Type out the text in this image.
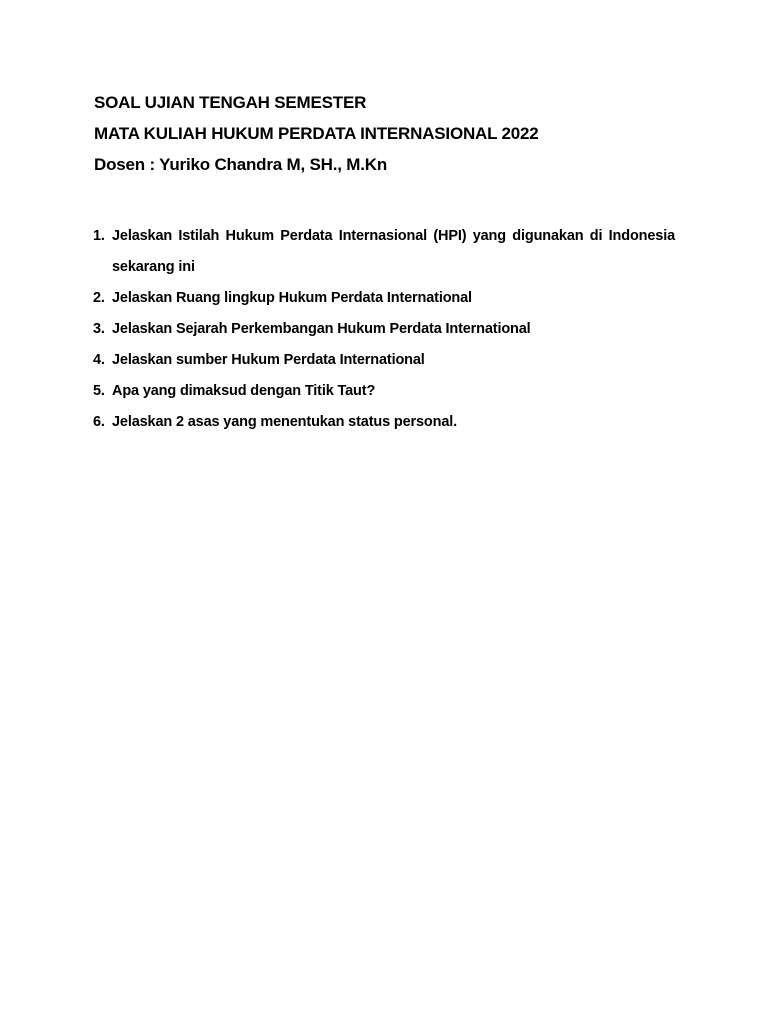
SOAL UJIAN TENGAH SEMESTER
MATA KULIAH HUKUM PERDATA INTERNASIONAL 2022
Dosen : Yuriko Chandra M, SH., M.Kn
1. Jelaskan Istilah Hukum Perdata Internasional (HPI) yang digunakan di Indonesia sekarang ini
2. Jelaskan Ruang lingkup Hukum Perdata International
3. Jelaskan Sejarah Perkembangan Hukum Perdata International
4. Jelaskan sumber Hukum Perdata International
5. Apa yang dimaksud dengan Titik Taut?
6. Jelaskan 2 asas yang menentukan status personal.
